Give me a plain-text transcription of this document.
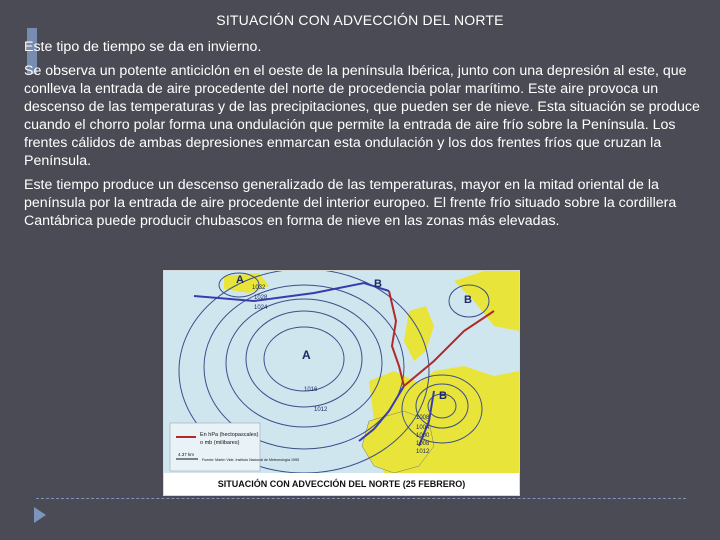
SITUACIÓN CON ADVECCIÓN DEL NORTE

Este tipo de tiempo se da en invierno.

Se observa un potente anticiclón en el oeste de la península Ibérica, junto con una depresión al este, que conlleva la entrada de aire procedente del norte de procedencia polar marítimo. Este aire provoca un descenso de las temperaturas y de las precipitaciones, que pueden ser de nieve. Esta situación se produce cuando el chorro polar forma una ondulación que permite la entrada de aire frío sobre la Península. Los frentes cálidos de ambas depresiones enmarcan esta ondulación y los dos frentes fríos que cruzan la Península.

Este tiempo produce un descenso generalizado de las temperaturas, mayor en la mitad oriental de la península por la entrada de aire procedente del interior europeo. El frente frío situado sobre la cordillera Cantábrica puede producir chubascos en forma de nieve en las zonas más elevadas.

A
A
B
B
B
1032
1028
1024
1016
1012
1008
1004
1000
1008
1012
En hPa (hectopascales)
o mb (milibares)
4.37 km
Fuente: Martín Vide, Instituto Nacional de Meteorología 1995
SITUACIÓN CON ADVECCIÓN DEL NORTE (25 FEBRERO)
